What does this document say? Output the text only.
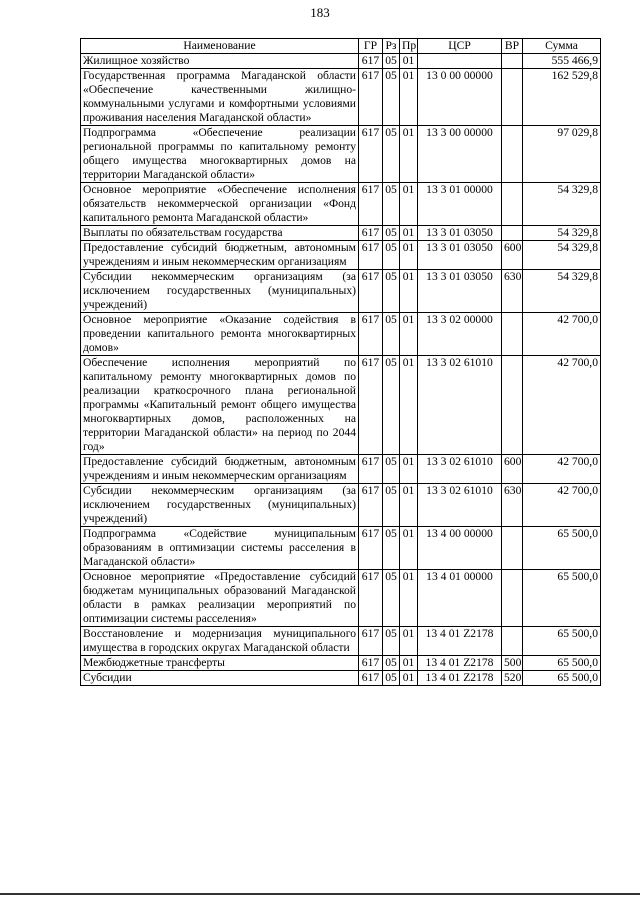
183
Наименование	ГР	Рз	Пр	ЦСР	ВР	Сумма
Жилищное хозяйство	617	05	01			555 466,9
Государственная программа Магаданской области «Обеспечение качественными жилищно-коммунальными услугами и комфортными условиями проживания населения Магаданской области»	617	05	01	13 0 00 00000		162 529,8
Подпрограмма «Обеспечение реализации региональной программы по капитальному ремонту общего имущества многоквартирных домов на территории Магаданской области»	617	05	01	13 3 00 00000		97 029,8
Основное мероприятие «Обеспечение исполнения обязательств некоммерческой организации «Фонд капитального ремонта Магаданской области»	617	05	01	13 3 01 00000		54 329,8
Выплаты по обязательствам государства	617	05	01	13 3 01 03050		54 329,8
Предоставление субсидий бюджетным, автономным учреждениям и иным некоммерческим организациям	617	05	01	13 3 01 03050	600	54 329,8
Субсидии некоммерческим организациям (за исключением государственных (муниципальных) учреждений)	617	05	01	13 3 01 03050	630	54 329,8
Основное мероприятие «Оказание содействия в проведении капитального ремонта многоквартирных домов»	617	05	01	13 3 02 00000		42 700,0
Обеспечение исполнения мероприятий по капитальному ремонту многоквартирных домов по реализации краткосрочного плана региональной программы «Капитальный ремонт общего имущества многоквартирных домов, расположенных на территории Магаданской области» на период по 2044 год»	617	05	01	13 3 02 61010		42 700,0
Предоставление субсидий бюджетным, автономным учреждениям и иным некоммерческим организациям	617	05	01	13 3 02 61010	600	42 700,0
Субсидии некоммерческим организациям (за исключением государственных (муниципальных) учреждений)	617	05	01	13 3 02 61010	630	42 700,0
Подпрограмма «Содействие муниципальным образованиям в оптимизации системы расселения в Магаданской области»	617	05	01	13 4 00 00000		65 500,0
Основное мероприятие «Предоставление субсидий бюджетам муниципальных образований Магаданской области в рамках реализации мероприятий по оптимизации системы расселения»	617	05	01	13 4 01 00000		65 500,0
Восстановление и модернизация муниципального имущества в городских округах Магаданской области	617	05	01	13 4 01 Z2178		65 500,0
Межбюджетные трансферты	617	05	01	13 4 01 Z2178	500	65 500,0
Субсидии	617	05	01	13 4 01 Z2178	520	65 500,0
